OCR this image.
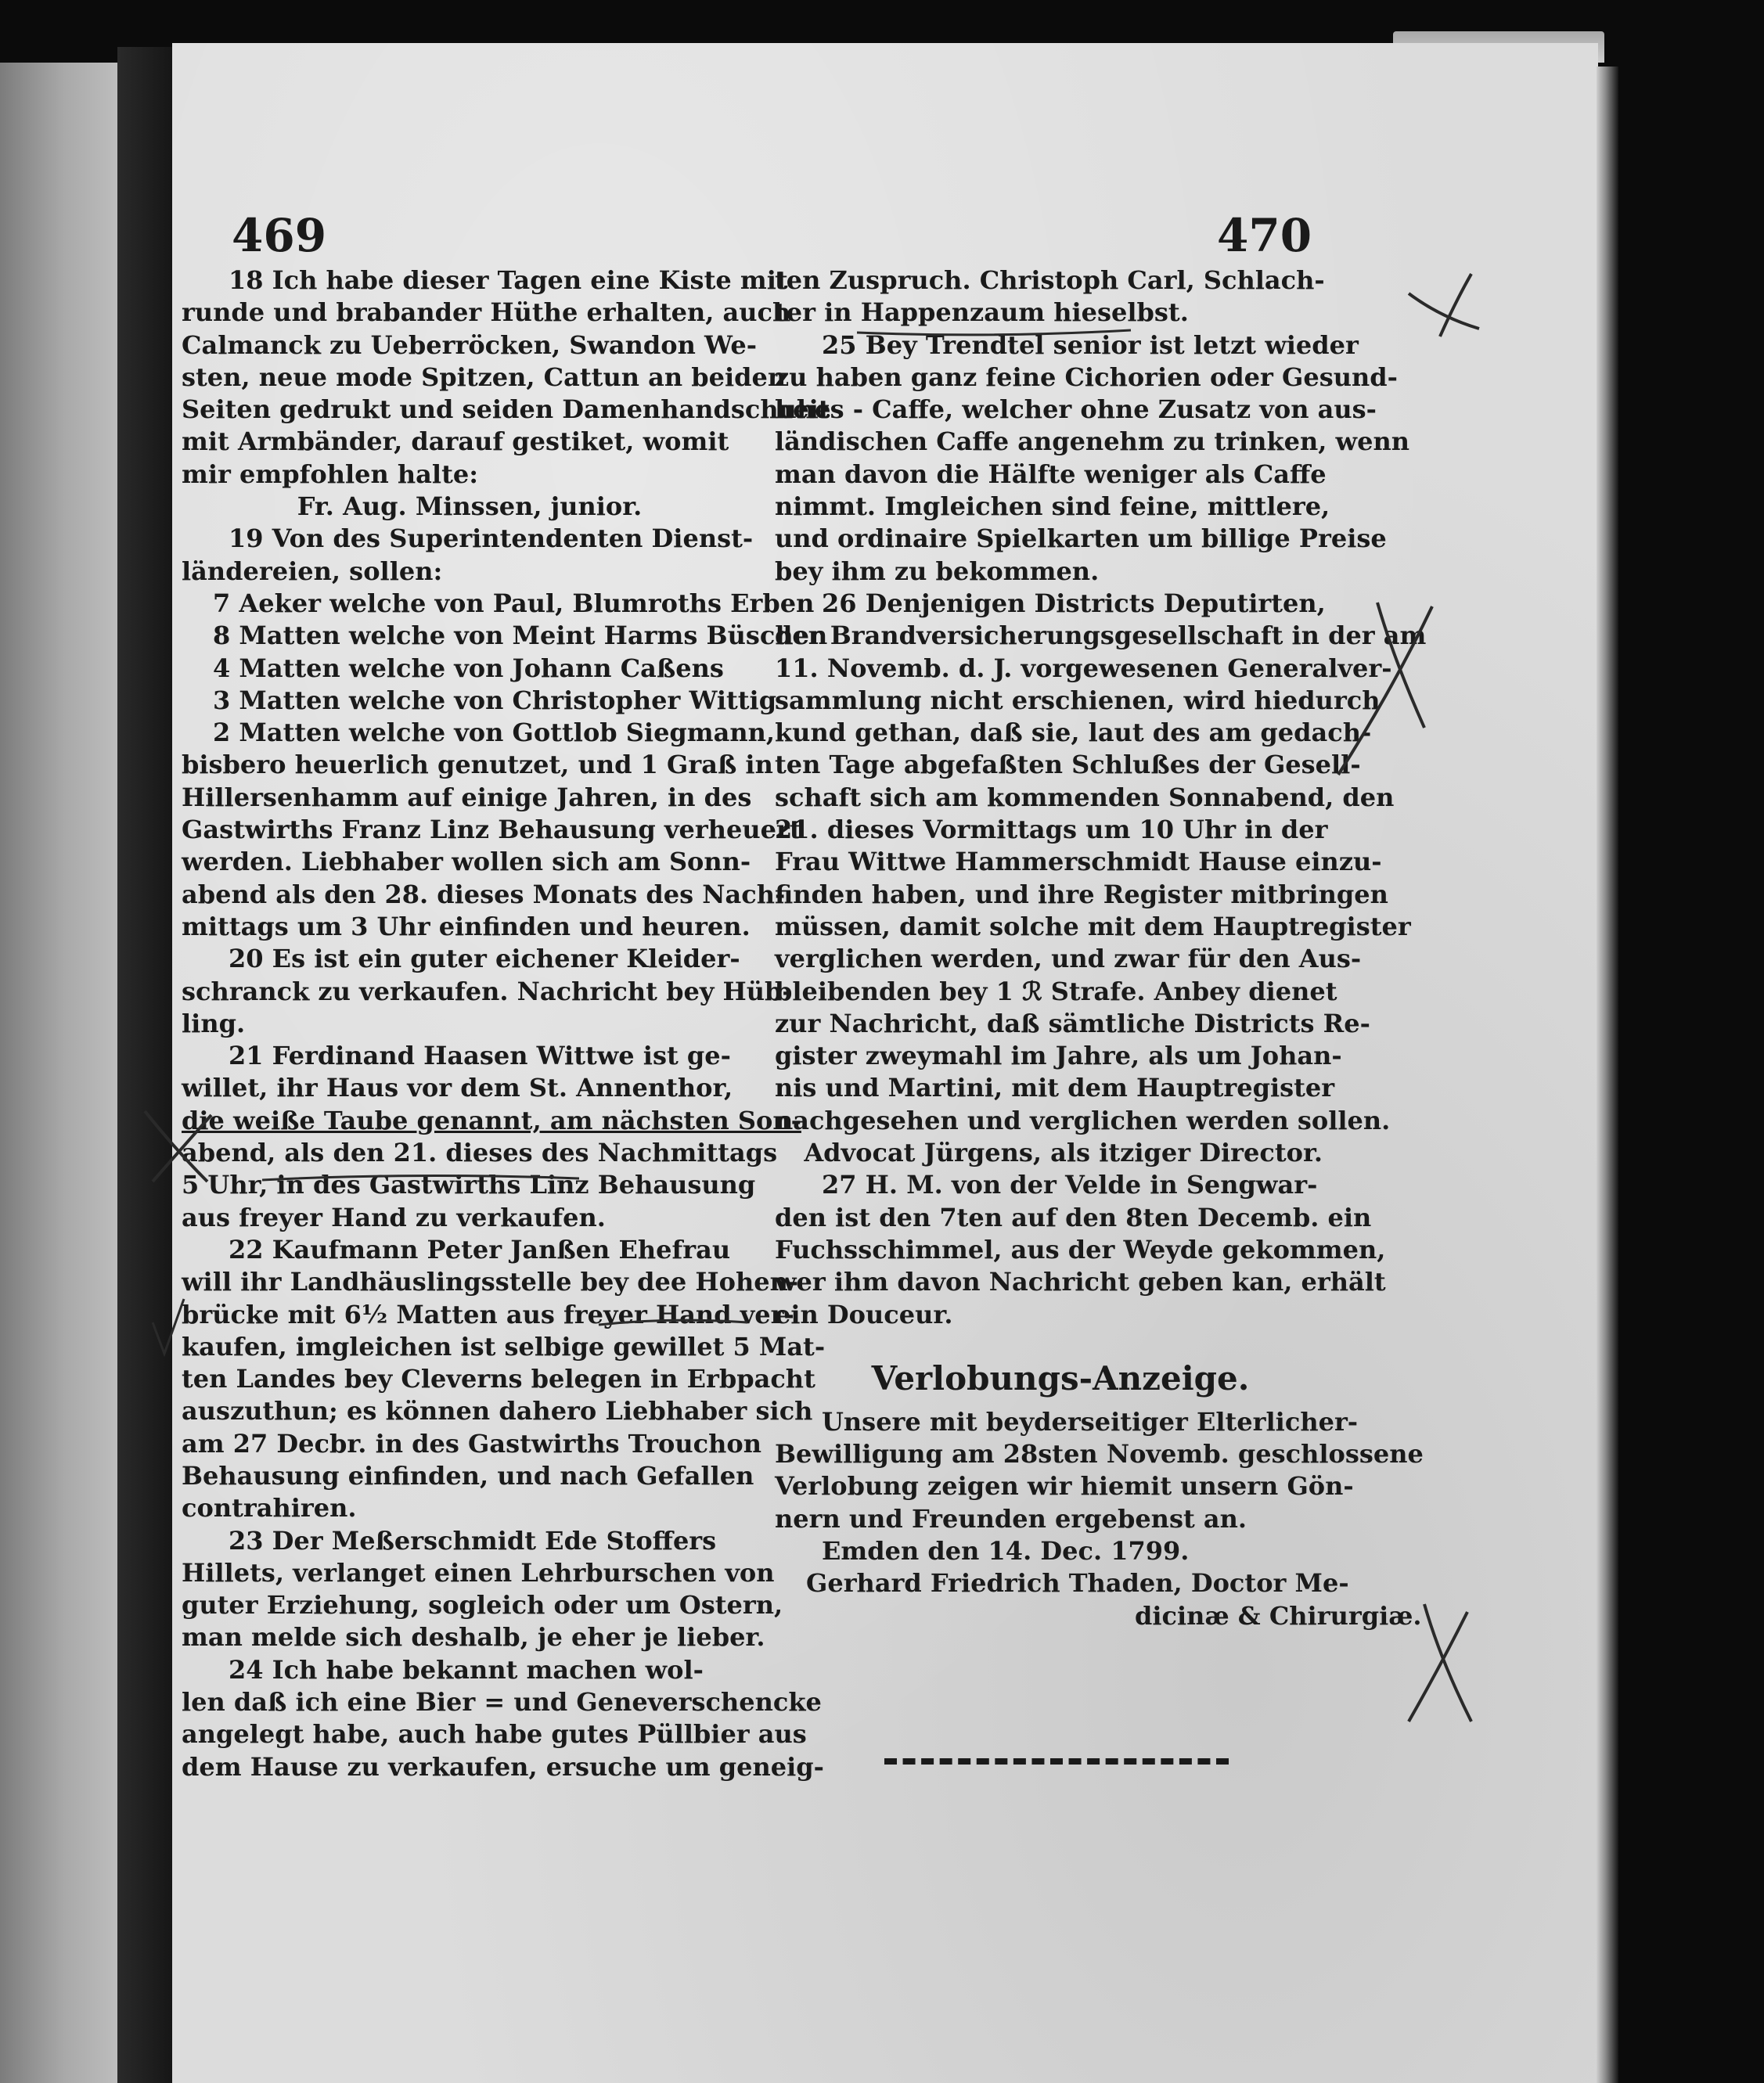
469	470
18 Ich habe dieser Tagen eine Kiste mit
runde und brabander Hüthe erhalten, auch
Calmanck zu Ueberröcken, Swandon We-
sten, neue mode Spitzen, Cattun an beiden
Seiten gedrukt und seiden Damenhandschuhe
mit Armbänder, darauf gestiket, womit
mir empfohlen halte:
Fr. Aug. Minssen, junior.
19 Von des Superintendenten Dienst-
ländereien, sollen:
7 Aeker welche von Paul, Blumroths Erben
8 Matten welche von Meint Harms Büschen
4 Matten welche von Johann Caßens
3 Matten welche von Christopher Wittig
2 Matten welche von Gottlob Siegmann,
bisbero heuerlich genutzet, und 1 Graß in
Hillersenhamm auf einige Jahren, in des
Gastwirths Franz Linz Behausung verheuert
werden. Liebhaber wollen sich am Sonn-
abend als den 28. dieses Monats des Nach-
mittags um 3 Uhr einfinden und heuren.
20 Es ist ein guter eichener Kleider-
schranck zu verkaufen. Nachricht bey Hüb-
ling.
21 Ferdinand Haasen Wittwe ist ge-
willet, ihr Haus vor dem St. Annenthor,
die weiße Taube genannt, am nächsten Son-
abend, als den 21. dieses des Nachmittags
5 Uhr, in des Gastwirths Linz Behausung
aus freyer Hand zu verkaufen.
22 Kaufmann Peter Janßen Ehefrau
will ihr Landhäuslingsstelle bey dee Hohen-
brücke mit 6½ Matten aus freyer Hand ver-
kaufen, imgleichen ist selbige gewillet 5 Mat-
ten Landes bey Cleverns belegen in Erbpacht
auszuthun; es können dahero Liebhaber sich
am 27 Decbr. in des Gastwirths Trouchon
Behausung einfinden, und nach Gefallen
contrahiren.
23 Der Meßerschmidt Ede Stoffers
Hillets, verlanget einen Lehrburschen von
guter Erziehung, sogleich oder um Ostern,
man melde sich deshalb, je eher je lieber.
24 Ich habe bekannt machen wol-
len daß ich eine Bier = und Geneverschencke
angelegt habe, auch habe gutes Püllbier aus
dem Hause zu verkaufen, ersuche um geneig-
ten Zuspruch. Christoph Carl, Schlach-
ter in Happenzaum hieselbst.
25 Bey Trendtel senior ist letzt wieder
zu haben ganz feine Cichorien oder Gesund-
heits - Caffe, welcher ohne Zusatz von aus-
ländischen Caffe angenehm zu trinken, wenn
man davon die Hälfte weniger als Caffe
nimmt. Imgleichen sind feine, mittlere,
und ordinaire Spielkarten um billige Preise
bey ihm zu bekommen.
26 Denjenigen Districts Deputirten,
der Brandversicherungsgesellschaft in der am
11. Novemb. d. J. vorgewesenen Generalver-
sammlung nicht erschienen, wird hiedurch
kund gethan, daß sie, laut des am gedach-
ten Tage abgefaßten Schlußes der Gesell-
schaft sich am kommenden Sonnabend, den
21. dieses Vormittags um 10 Uhr in der
Frau Wittwe Hammerschmidt Hause einzu-
finden haben, und ihre Register mitbringen
müssen, damit solche mit dem Hauptregister
verglichen werden, und zwar für den Aus-
bleibenden bey 1 ℛ Strafe. Anbey dienet
zur Nachricht, daß sämtliche Districts Re-
gister zweymahl im Jahre, als um Johan-
nis und Martini, mit dem Hauptregister
nachgesehen und verglichen werden sollen.
Advocat Jürgens, als itziger Director.
27 H. M. von der Velde in Sengwar-
den ist den 7ten auf den 8ten Decemb. ein
Fuchsschimmel, aus der Weyde gekommen,
wer ihm davon Nachricht geben kan, erhält
ein Douceur.
Verlobungs-Anzeige.
Unsere mit beyderseitiger Elterlicher-
Bewilligung am 28sten Novemb. geschlossene
Verlobung zeigen wir hiemit unsern Gön-
nern und Freunden ergebenst an.
Emden den 14. Dec. 1799.
Gerhard Friedrich Thaden, Doctor Me-
dicinæ & Chirurgiæ.
